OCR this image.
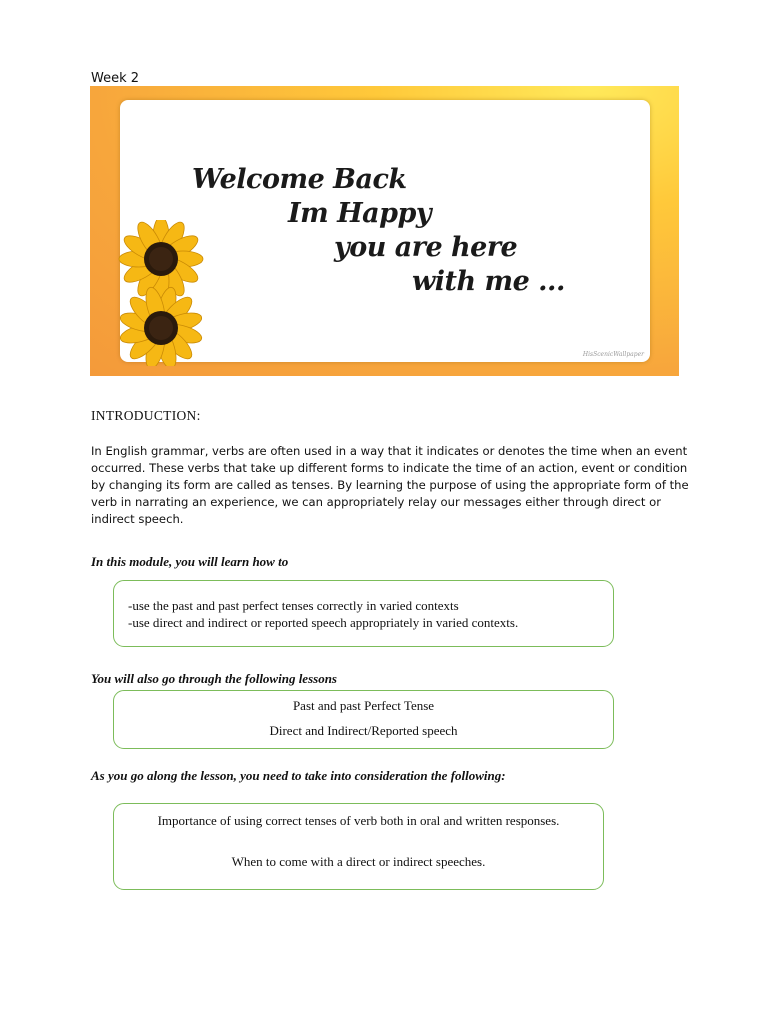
Week 2
Welcome Back
Im Happy
you are here
with me ...
HisScenicWallpaper
INTRODUCTION:
In English grammar, verbs are often used in a way that it indicates or denotes the time when an event occurred. These verbs that take up different forms to indicate the time of an action, event or condition by changing its form are called as tenses. By learning the purpose of using the appropriate form of the verb in narrating an experience, we can appropriately relay our messages either through direct or indirect speech.
In this module, you will learn how to
-use the past and past perfect tenses correctly in varied contexts
-use direct and indirect or reported speech appropriately in varied contexts.
You will also go through the following lessons
Past and past Perfect Tense
Direct and Indirect/Reported speech
As you go along the lesson, you need to take into consideration the following:
Importance of using correct tenses of verb both in oral and written responses.
When to come with a direct or indirect speeches.
